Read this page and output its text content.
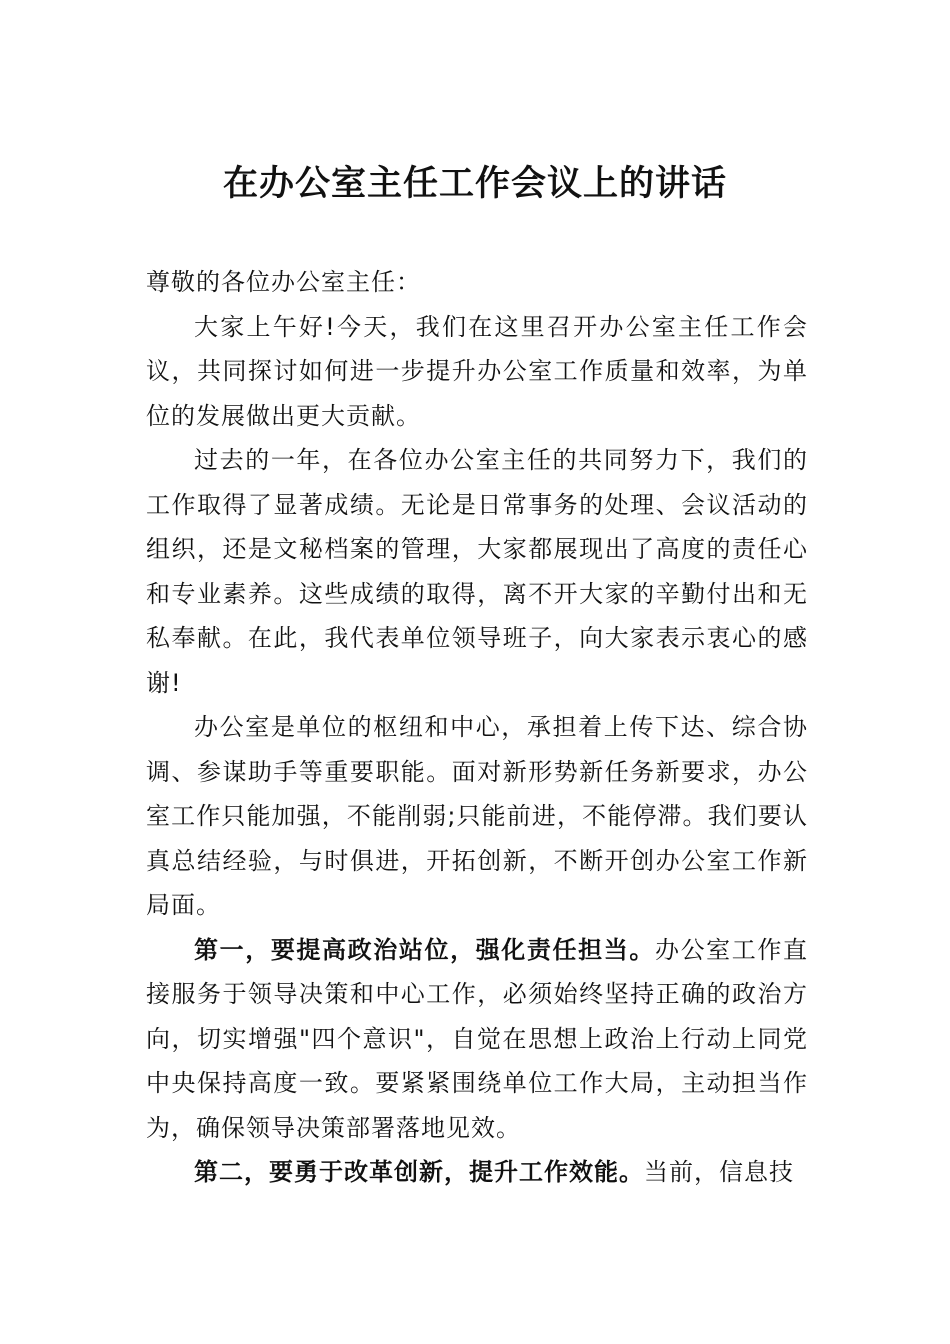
在办公室主任工作会议上的讲话

尊敬的各位办公室主任：

大家上午好!今天，我们在这里召开办公室主任工作会议，共同探讨如何进一步提升办公室工作质量和效率，为单位的发展做出更大贡献。

过去的一年，在各位办公室主任的共同努力下，我们的工作取得了显著成绩。无论是日常事务的处理、会议活动的组织，还是文秘档案的管理，大家都展现出了高度的责任心和专业素养。这些成绩的取得，离不开大家的辛勤付出和无私奉献。在此，我代表单位领导班子，向大家表示衷心的感谢!

办公室是单位的枢纽和中心，承担着上传下达、综合协调、参谋助手等重要职能。面对新形势新任务新要求，办公室工作只能加强，不能削弱;只能前进，不能停滞。我们要认真总结经验，与时俱进，开拓创新，不断开创办公室工作新局面。

第一，要提高政治站位，强化责任担当。办公室工作直接服务于领导决策和中心工作，必须始终坚持正确的政治方向，切实增强"四个意识"，自觉在思想上政治上行动上同党中央保持高度一致。要紧紧围绕单位工作大局，主动担当作为，确保领导决策部署落地见效。

第二，要勇于改革创新，提升工作效能。当前，信息技
